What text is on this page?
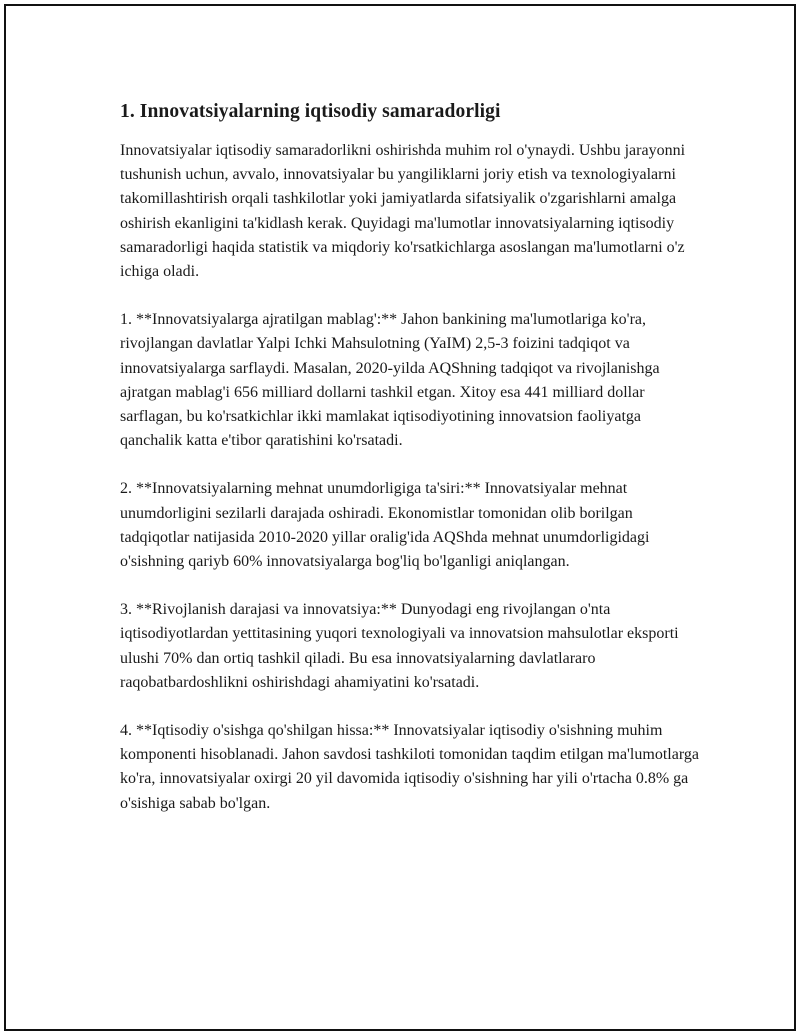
1. Innovatsiyalarning iqtisodiy samaradorligi

Innovatsiyalar iqtisodiy samaradorlikni oshirishda muhim rol o'ynaydi. Ushbu jarayonni tushunish uchun, avvalo, innovatsiyalar bu yangiliklarni joriy etish va texnologiyalarni takomillashtirish orqali tashkilotlar yoki jamiyatlarda sifatsiyalik o'zgarishlarni amalga oshirish ekanligini ta'kidlash kerak. Quyidagi ma'lumotlar innovatsiyalarning iqtisodiy samaradorligi haqida statistik va miqdoriy ko'rsatkichlarga asoslangan ma'lumotlarni o'z ichiga oladi.

1. **Innovatsiyalarga ajratilgan mablag':** Jahon bankining ma'lumotlariga ko'ra, rivojlangan davlatlar Yalpi Ichki Mahsulotning (YaIM) 2,5-3 foizini tadqiqot va innovatsiyalarga sarflaydi. Masalan, 2020-yilda AQShning tadqiqot va rivojlanishga ajratgan mablag'i 656 milliard dollarni tashkil etgan. Xitoy esa 441 milliard dollar sarflagan, bu ko'rsatkichlar ikki mamlakat iqtisodiyotining innovatsion faoliyatga qanchalik katta e'tibor qaratishini ko'rsatadi.

2. **Innovatsiyalarning mehnat unumdorligiga ta'siri:** Innovatsiyalar mehnat unumdorligini sezilarli darajada oshiradi. Ekonomistlar tomonidan olib borilgan tadqiqotlar natijasida 2010-2020 yillar oralig'ida AQShda mehnat unumdorligidagi o'sishning qariyb 60% innovatsiyalarga bog'liq bo'lganligi aniqlangan.

3. **Rivojlanish darajasi va innovatsiya:** Dunyodagi eng rivojlangan o'nta iqtisodiyotlardan yettitasining yuqori texnologiyali va innovatsion mahsulotlar eksporti ulushi 70% dan ortiq tashkil qiladi. Bu esa innovatsiyalarning davlatlararo raqobatbardoshlikni oshirishdagi ahamiyatini ko'rsatadi.

4. **Iqtisodiy o'sishga qo'shilgan hissa:** Innovatsiyalar iqtisodiy o'sishning muhim komponenti hisoblanadi. Jahon savdosi tashkiloti tomonidan taqdim etilgan ma'lumotlarga ko'ra, innovatsiyalar oxirgi 20 yil davomida iqtisodiy o'sishning har yili o'rtacha 0.8% ga o'sishiga sabab bo'lgan.
